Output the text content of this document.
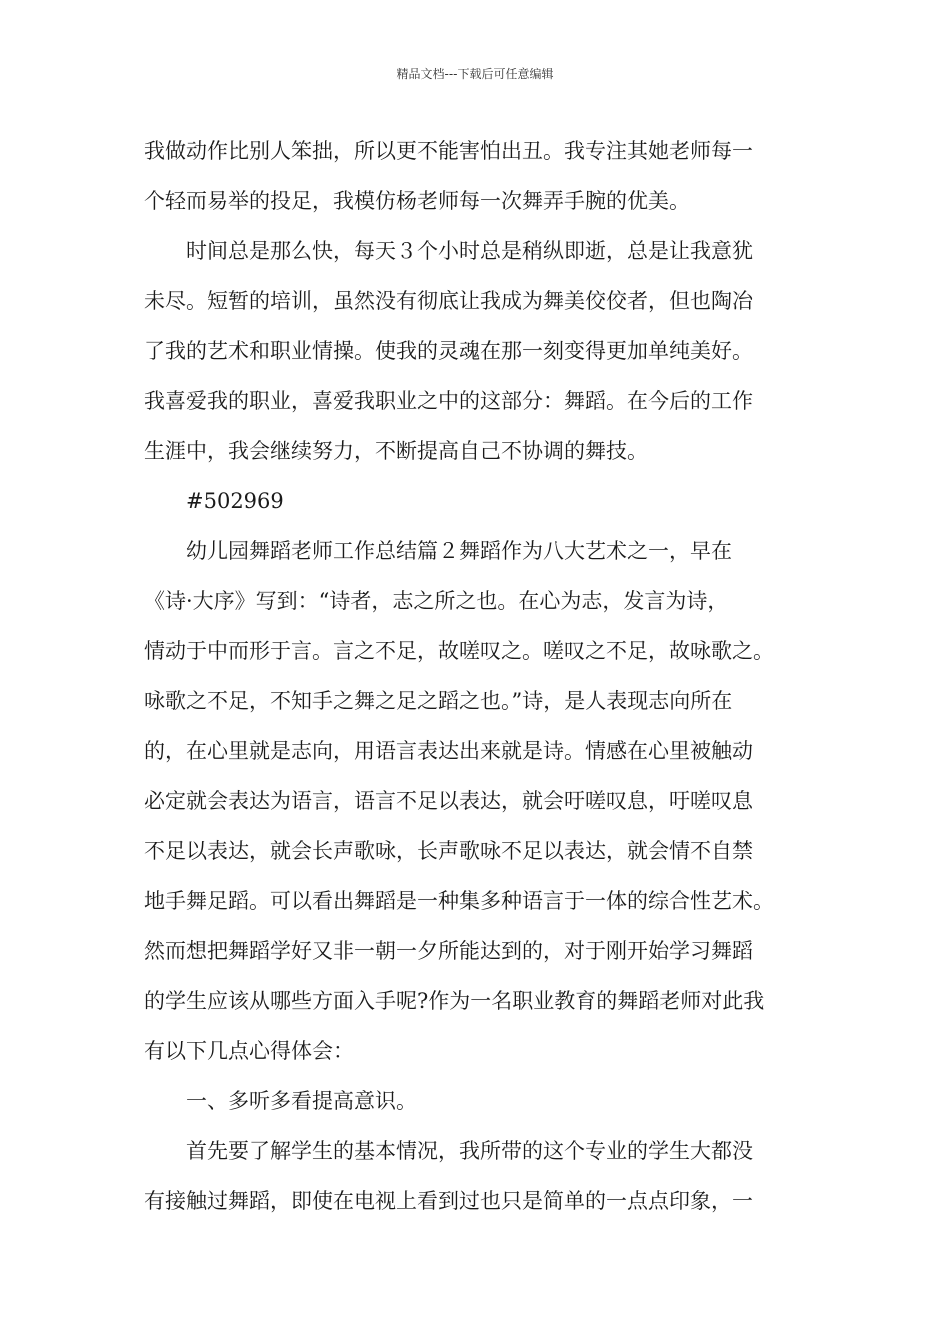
精品文档---下载后可任意编辑
我做动作比别人笨拙，所以更不能害怕出丑。我专注其她老师每一
个轻而易举的投足，我模仿杨老师每一次舞弄手腕的优美。
时间总是那么快，每天３个小时总是稍纵即逝，总是让我意犹
未尽。短暂的培训，虽然没有彻底让我成为舞美佼佼者，但也陶冶
了我的艺术和职业情操。使我的灵魂在那一刻变得更加单纯美好。
我喜爱我的职业，喜爱我职业之中的这部分：舞蹈。在今后的工作
生涯中，我会继续努力，不断提高自己不协调的舞技。
#502969
幼儿园舞蹈老师工作总结篇２舞蹈作为八大艺术之一，早在
《诗·大序》写到：“诗者，志之所之也。在心为志，发言为诗，
情动于中而形于言。言之不足，故嗟叹之。嗟叹之不足，故咏歌之。
咏歌之不足，不知手之舞之足之蹈之也。”诗，是人表现志向所在
的，在心里就是志向，用语言表达出来就是诗。情感在心里被触动
必定就会表达为语言，语言不足以表达，就会吁嗟叹息，吁嗟叹息
不足以表达，就会长声歌咏，长声歌咏不足以表达，就会情不自禁
地手舞足蹈。可以看出舞蹈是一种集多种语言于一体的综合性艺术。
然而想把舞蹈学好又非一朝一夕所能达到的，对于刚开始学习舞蹈
的学生应该从哪些方面入手呢?作为一名职业教育的舞蹈老师对此我
有以下几点心得体会：
一、多听多看提高意识。
首先要了解学生的基本情况，我所带的这个专业的学生大都没
有接触过舞蹈，即使在电视上看到过也只是简单的一点点印象，一
